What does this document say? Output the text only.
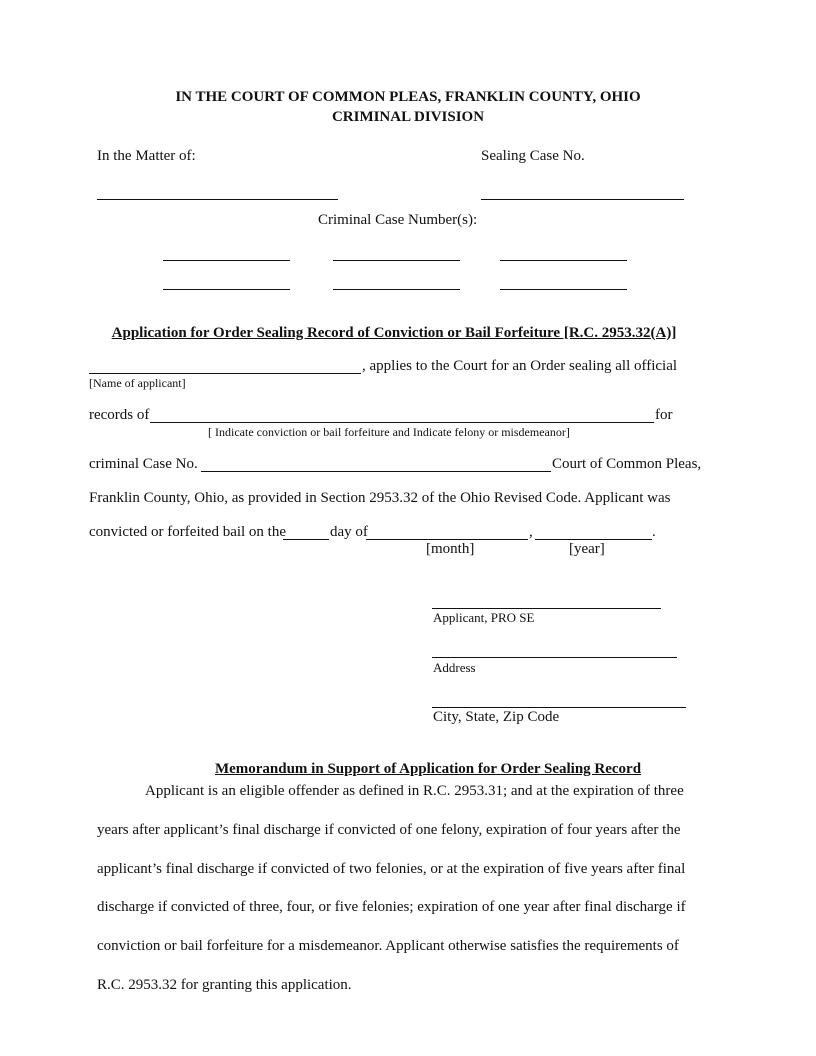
IN THE COURT OF COMMON PLEAS, FRANKLIN COUNTY, OHIO
CRIMINAL DIVISION
In the Matter of:	Sealing Case No.
Criminal Case Number(s):
Application for Order Sealing Record of Conviction or Bail Forfeiture [R.C. 2953.32(A)]
, applies to the Court for an Order sealing all official
[Name of applicant]
records of	for
[ Indicate conviction or bail forfeiture and Indicate felony or misdemeanor]
criminal Case No.	Court of Common Pleas,
Franklin County, Ohio, as provided in Section 2953.32 of the Ohio Revised Code. Applicant was
convicted or forfeited bail on the	day of	,	.
[month]	[year]
Applicant, PRO SE
Address
City, State, Zip Code
Memorandum in Support of Application for Order Sealing Record
Applicant is an eligible offender as defined in R.C. 2953.31; and at the expiration of three
years after applicant’s final discharge if convicted of one felony, expiration of four years after the
applicant’s final discharge if convicted of two felonies, or at the expiration of five years after final
discharge if convicted of three, four, or five felonies; expiration of one year after final discharge if
conviction or bail forfeiture for a misdemeanor. Applicant otherwise satisfies the requirements of
R.C. 2953.32 for granting this application.
